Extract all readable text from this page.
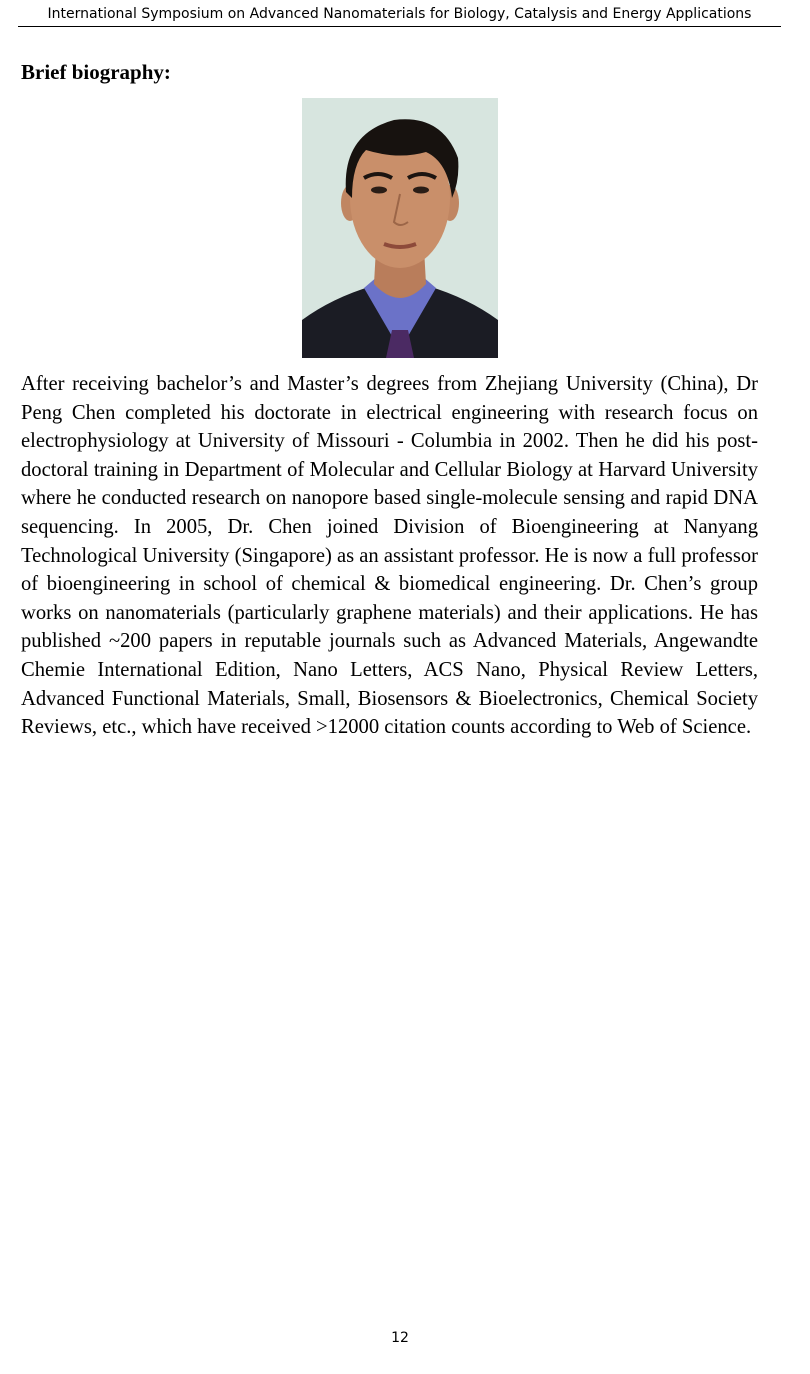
International Symposium on Advanced Nanomaterials for Biology, Catalysis and Energy Applications
Brief biography:

After receiving bachelor’s and Master’s degrees from Zhejiang University (China), Dr Peng Chen completed his doctorate in electrical engineering with research focus on electrophysiology at University of Missouri - Columbia in 2002. Then he did his post-doctoral training in Department of Molecular and Cellular Biology at Harvard University where he conducted research on nanopore based single-molecule sensing and rapid DNA sequencing. In 2005, Dr. Chen joined Division of Bioengineering at Nanyang Technological University (Singapore) as an assistant professor. He is now a full professor of bioengineering in school of chemical & biomedical engineering. Dr. Chen’s group works on nanomaterials (particularly graphene materials) and their applications. He has published ~200 papers in reputable journals such as Advanced Materials, Angewandte Chemie International Edition, Nano Letters, ACS Nano, Physical Review Letters, Advanced Functional Materials, Small, Biosensors & Bioelectronics, Chemical Society Reviews, etc., which have received >12000 citation counts according to Web of Science.

12
